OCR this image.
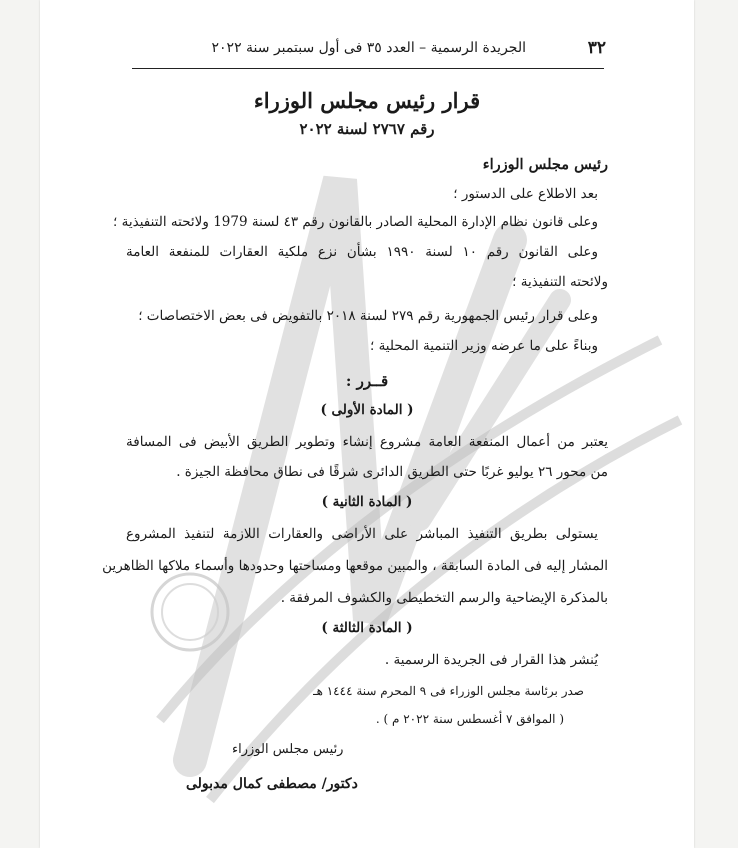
٣٢
الجريدة الرسمية – العدد ٣٥ فى أول سبتمبر سنة ٢٠٢٢
قرار رئيس مجلس الوزراء
رقم ٢٧٦٧ لسنة ٢٠٢٢
رئيس مجلس الوزراء
بعد الاطلاع على الدستور ؛
وعلى قانون نظام الإدارة المحلية الصادر بالقانون رقم ٤٣ لسنة 1979 ولائحته التنفيذية ؛
وعلى القانون رقم ١٠ لسنة ١٩٩٠ بشأن نزع ملكية العقارات للمنفعة العامة
ولائحته التنفيذية ؛
وعلى قرار رئيس الجمهورية رقم ٢٧٩ لسنة ٢٠١٨ بالتفويض فى بعض الاختصاصات ؛
وبناءً على ما عرضه وزير التنمية المحلية ؛
قــرر :
( المادة الأولى )
يعتبر من أعمال المنفعة العامة مشروع إنشاء وتطوير الطريق الأبيض فى المسافة
من محور ٢٦ يوليو غربًا حتى الطريق الدائرى شرقًا فى نطاق محافظة الجيزة .
( المادة الثانية )
يستولى بطريق التنفيذ المباشر على الأراضى والعقارات اللازمة لتنفيذ المشروع
المشار إليه فى المادة السابقة ، والمبين موقعها ومساحتها وحدودها وأسماء ملاكها الظاهرين
بالمذكرة الإيضاحية والرسم التخطيطى والكشوف المرفقة .
( المادة الثالثة )
يُنشر هذا القرار فى الجريدة الرسمية .
صدر برئاسة مجلس الوزراء فى ٩ المحرم سنة ١٤٤٤ هـ
( الموافق ٧ أغسطس سنة ٢٠٢٢ م ) .
رئيس مجلس الوزراء
دكتور/ مصطفى كمال مدبولى
